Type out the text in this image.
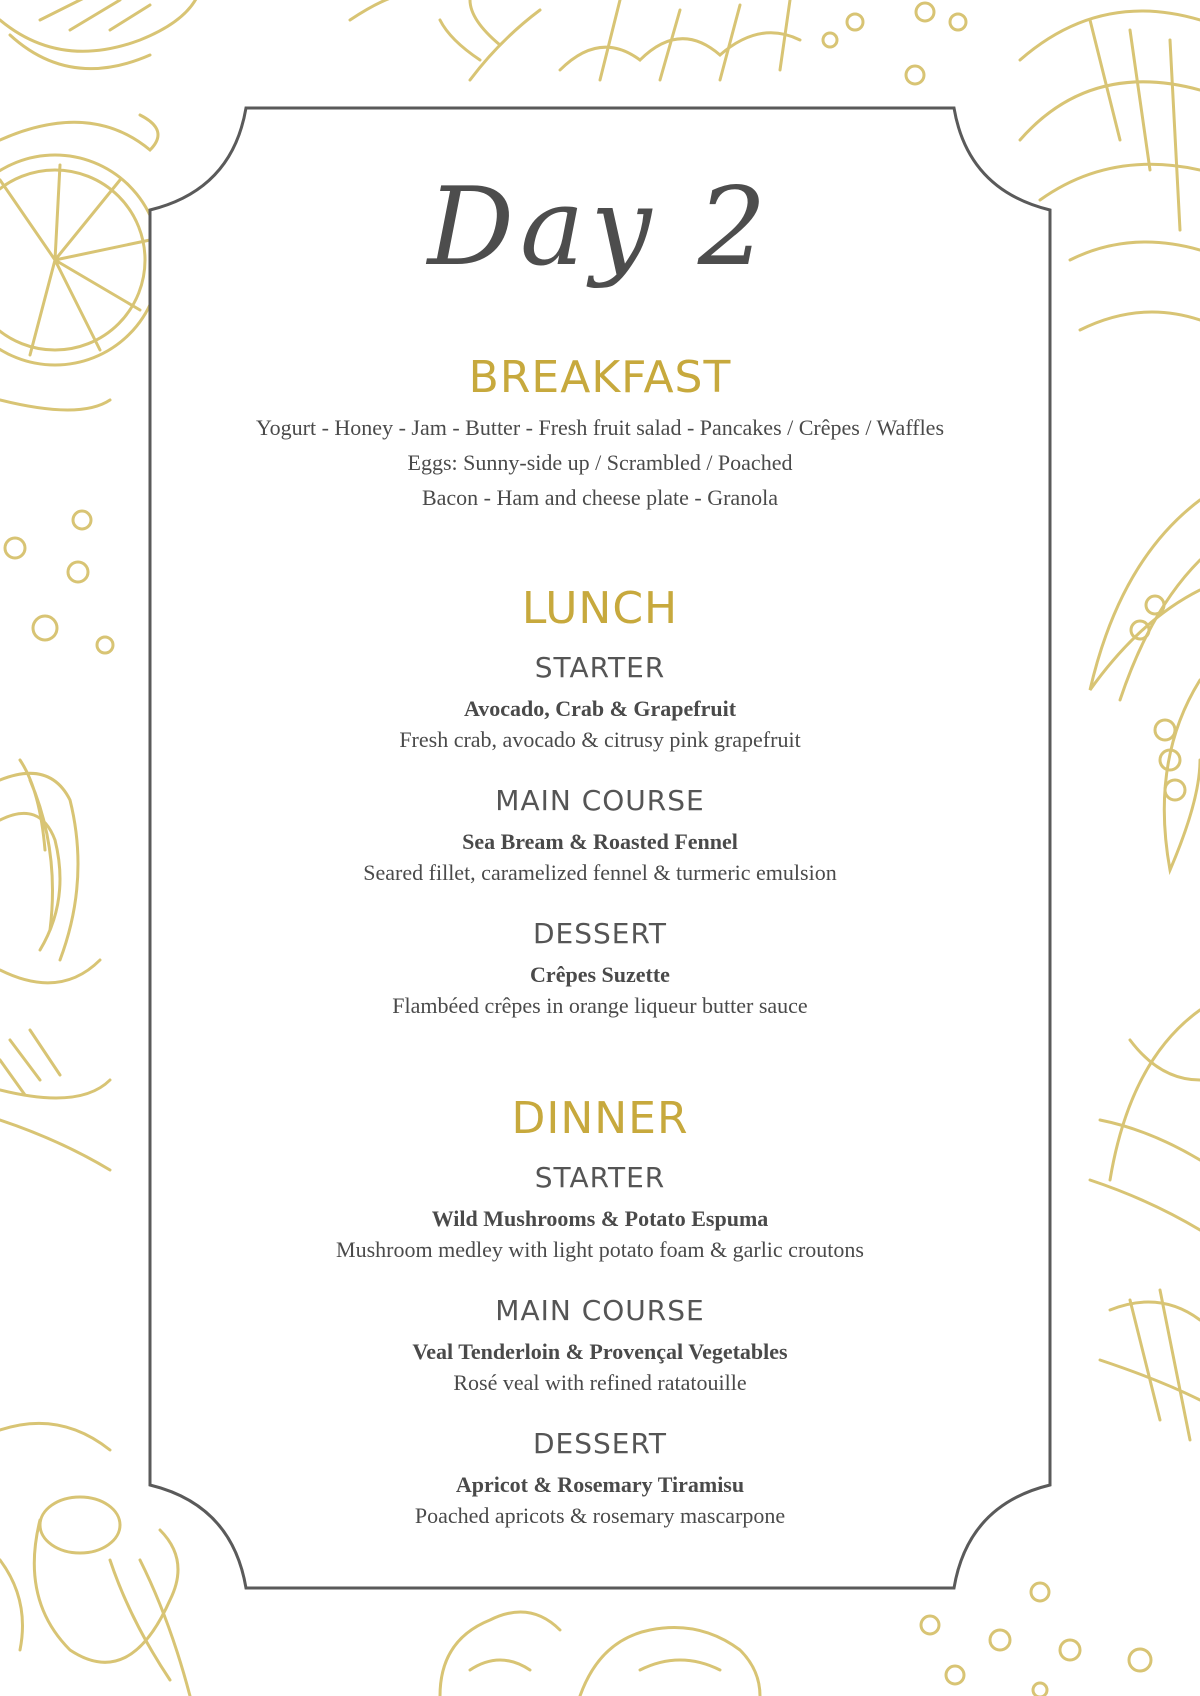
Day 2
BREAKFAST
Yogurt - Honey - Jam - Butter - Fresh fruit salad - Pancakes / Crêpes / Waffles
Eggs: Sunny-side up / Scrambled / Poached
Bacon - Ham and cheese plate - Granola
LUNCH
STARTER
Avocado, Crab & Grapefruit
Fresh crab, avocado & citrusy pink grapefruit
MAIN COURSE
Sea Bream & Roasted Fennel
Seared fillet, caramelized fennel & turmeric emulsion
DESSERT
Crêpes Suzette
Flambéed crêpes in orange liqueur butter sauce
DINNER
STARTER
Wild Mushrooms & Potato Espuma
Mushroom medley with light potato foam & garlic croutons
MAIN COURSE
Veal Tenderloin & Provençal Vegetables
Rosé veal with refined ratatouille
DESSERT
Apricot & Rosemary Tiramisu
Poached apricots & rosemary mascarpone
